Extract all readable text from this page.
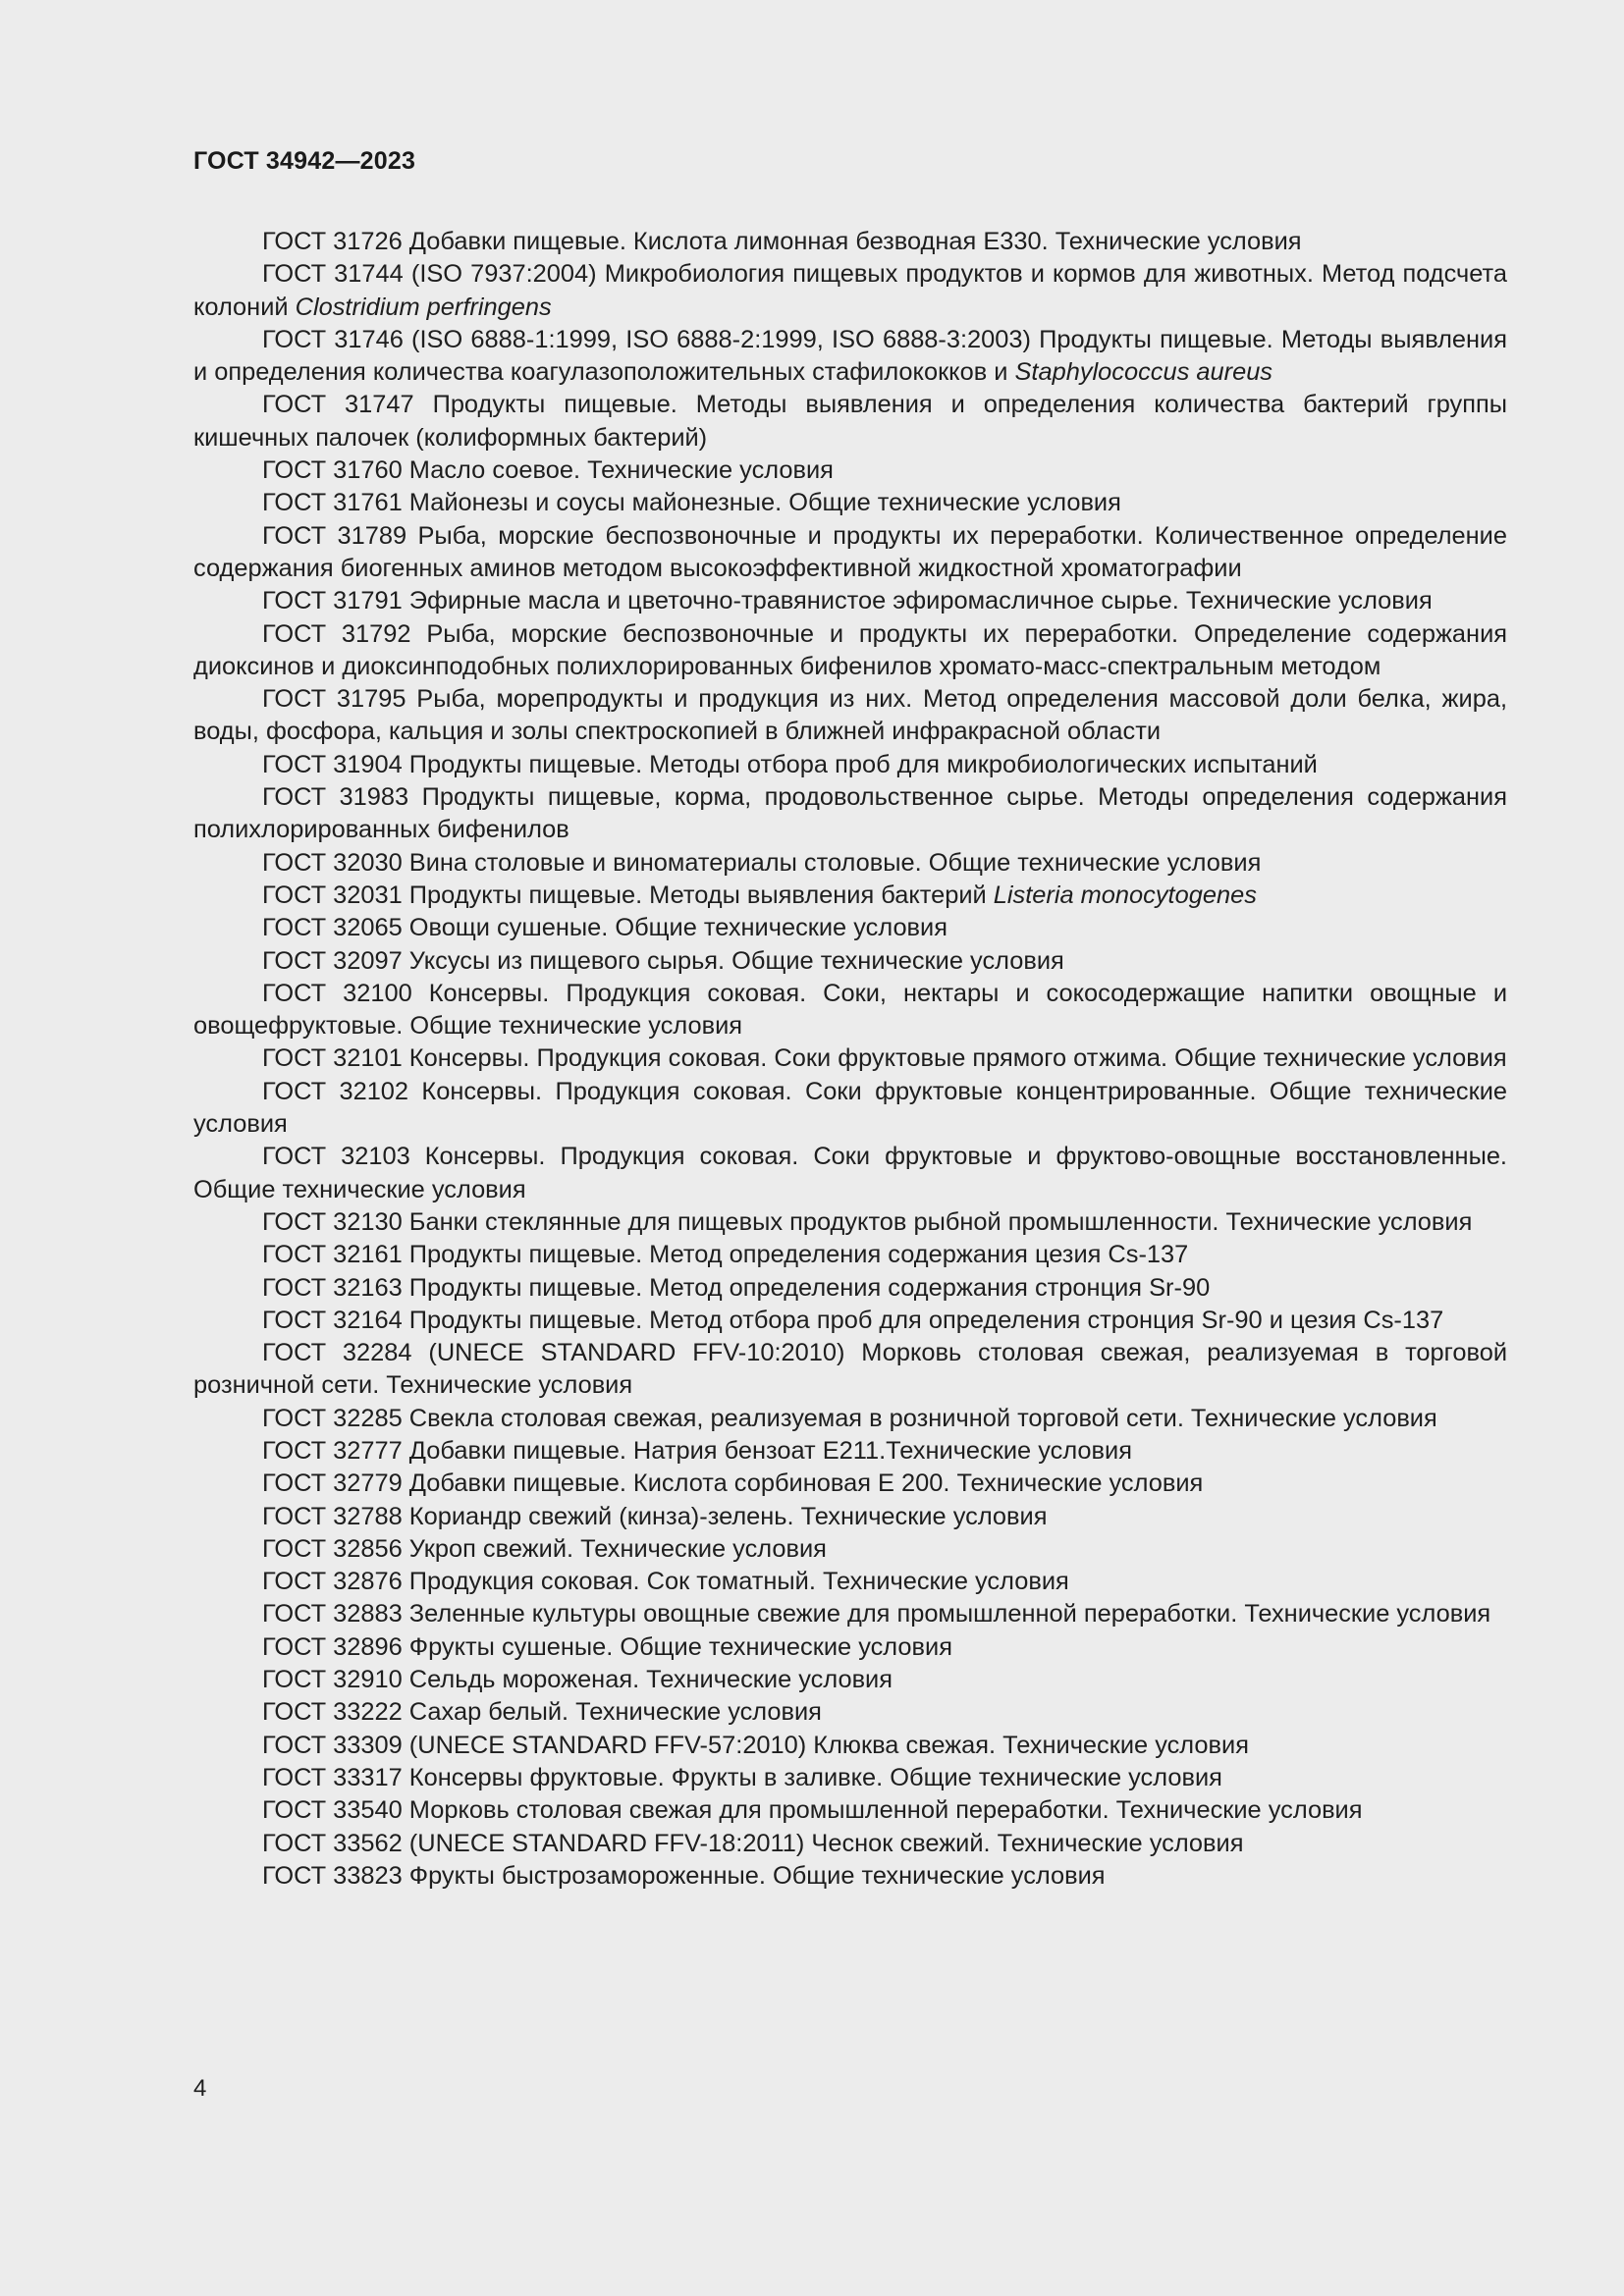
ГОСТ 34942—2023

ГОСТ 31726 Добавки пищевые. Кислота лимонная безводная Е330. Технические условия

ГОСТ 31744 (ISO 7937:2004) Микробиология пищевых продуктов и кормов для животных. Метод подсчета колоний Clostridium perfringens

ГОСТ 31746 (ISO 6888-1:1999, ISO 6888-2:1999, ISO 6888-3:2003) Продукты пищевые. Методы выявления и определения количества коагулазоположительных стафилококков и Staphylococcus aureus

ГОСТ 31747 Продукты пищевые. Методы выявления и определения количества бактерий группы кишечных палочек (колиформных бактерий)

ГОСТ 31760 Масло соевое. Технические условия

ГОСТ 31761 Майонезы и соусы майонезные. Общие технические условия

ГОСТ 31789 Рыба, морские беспозвоночные и продукты их переработки. Количественное определение содержания биогенных аминов методом высокоэффективной жидкостной хроматографии

ГОСТ 31791 Эфирные масла и цветочно-травянистое эфиромасличное сырье. Технические условия

ГОСТ 31792 Рыба, морские беспозвоночные и продукты их переработки. Определение содержания диоксинов и диоксинподобных полихлорированных бифенилов хромато-масс-спектральным методом

ГОСТ 31795 Рыба, морепродукты и продукция из них. Метод определения массовой доли белка, жира, воды, фосфора, кальция и золы спектроскопией в ближней инфракрасной области

ГОСТ 31904 Продукты пищевые. Методы отбора проб для микробиологических испытаний

ГОСТ 31983 Продукты пищевые, корма, продовольственное сырье. Методы определения содержания полихлорированных бифенилов

ГОСТ 32030 Вина столовые и виноматериалы столовые. Общие технические условия

ГОСТ 32031 Продукты пищевые. Методы выявления бактерий Listeria monocytogenes

ГОСТ 32065 Овощи сушеные. Общие технические условия

ГОСТ 32097 Уксусы из пищевого сырья. Общие технические условия

ГОСТ 32100 Консервы. Продукция соковая. Соки, нектары и сокосодержащие напитки овощные и овощефруктовые. Общие технические условия

ГОСТ 32101 Консервы. Продукция соковая. Соки фруктовые прямого отжима. Общие технические условия

ГОСТ 32102 Консервы. Продукция соковая. Соки фруктовые концентрированные. Общие технические условия

ГОСТ 32103 Консервы. Продукция соковая. Соки фруктовые и фруктово-овощные восстановленные. Общие технические условия

ГОСТ 32130 Банки стеклянные для пищевых продуктов рыбной промышленности. Технические условия

ГОСТ 32161 Продукты пищевые. Метод определения содержания цезия Cs-137

ГОСТ 32163 Продукты пищевые. Метод определения содержания стронция Sr-90

ГОСТ 32164 Продукты пищевые. Метод отбора проб для определения стронция Sr-90 и цезия Cs-137

ГОСТ 32284 (UNECE STANDARD FFV-10:2010) Морковь столовая свежая, реализуемая в торговой розничной сети. Технические условия

ГОСТ 32285 Свекла столовая свежая, реализуемая в розничной торговой сети. Технические условия

ГОСТ 32777 Добавки пищевые. Натрия бензоат Е211.Технические условия

ГОСТ 32779 Добавки пищевые. Кислота сорбиновая Е 200. Технические условия

ГОСТ 32788 Кориандр свежий (кинза)-зелень. Технические условия

ГОСТ 32856 Укроп свежий. Технические условия

ГОСТ 32876 Продукция соковая. Сок томатный. Технические условия

ГОСТ 32883 Зеленные культуры овощные свежие для промышленной переработки. Технические условия

ГОСТ 32896 Фрукты сушеные. Общие технические условия

ГОСТ 32910 Сельдь мороженая. Технические условия

ГОСТ 33222 Сахар белый. Технические условия

ГОСТ 33309 (UNECE STANDARD FFV-57:2010) Клюква свежая. Технические условия

ГОСТ 33317 Консервы фруктовые. Фрукты в заливке. Общие технические условия

ГОСТ 33540 Морковь столовая свежая для промышленной переработки. Технические условия

ГОСТ 33562 (UNECE STANDARD FFV-18:2011) Чеснок свежий. Технические условия

ГОСТ 33823 Фрукты быстрозамороженные. Общие технические условия

4
